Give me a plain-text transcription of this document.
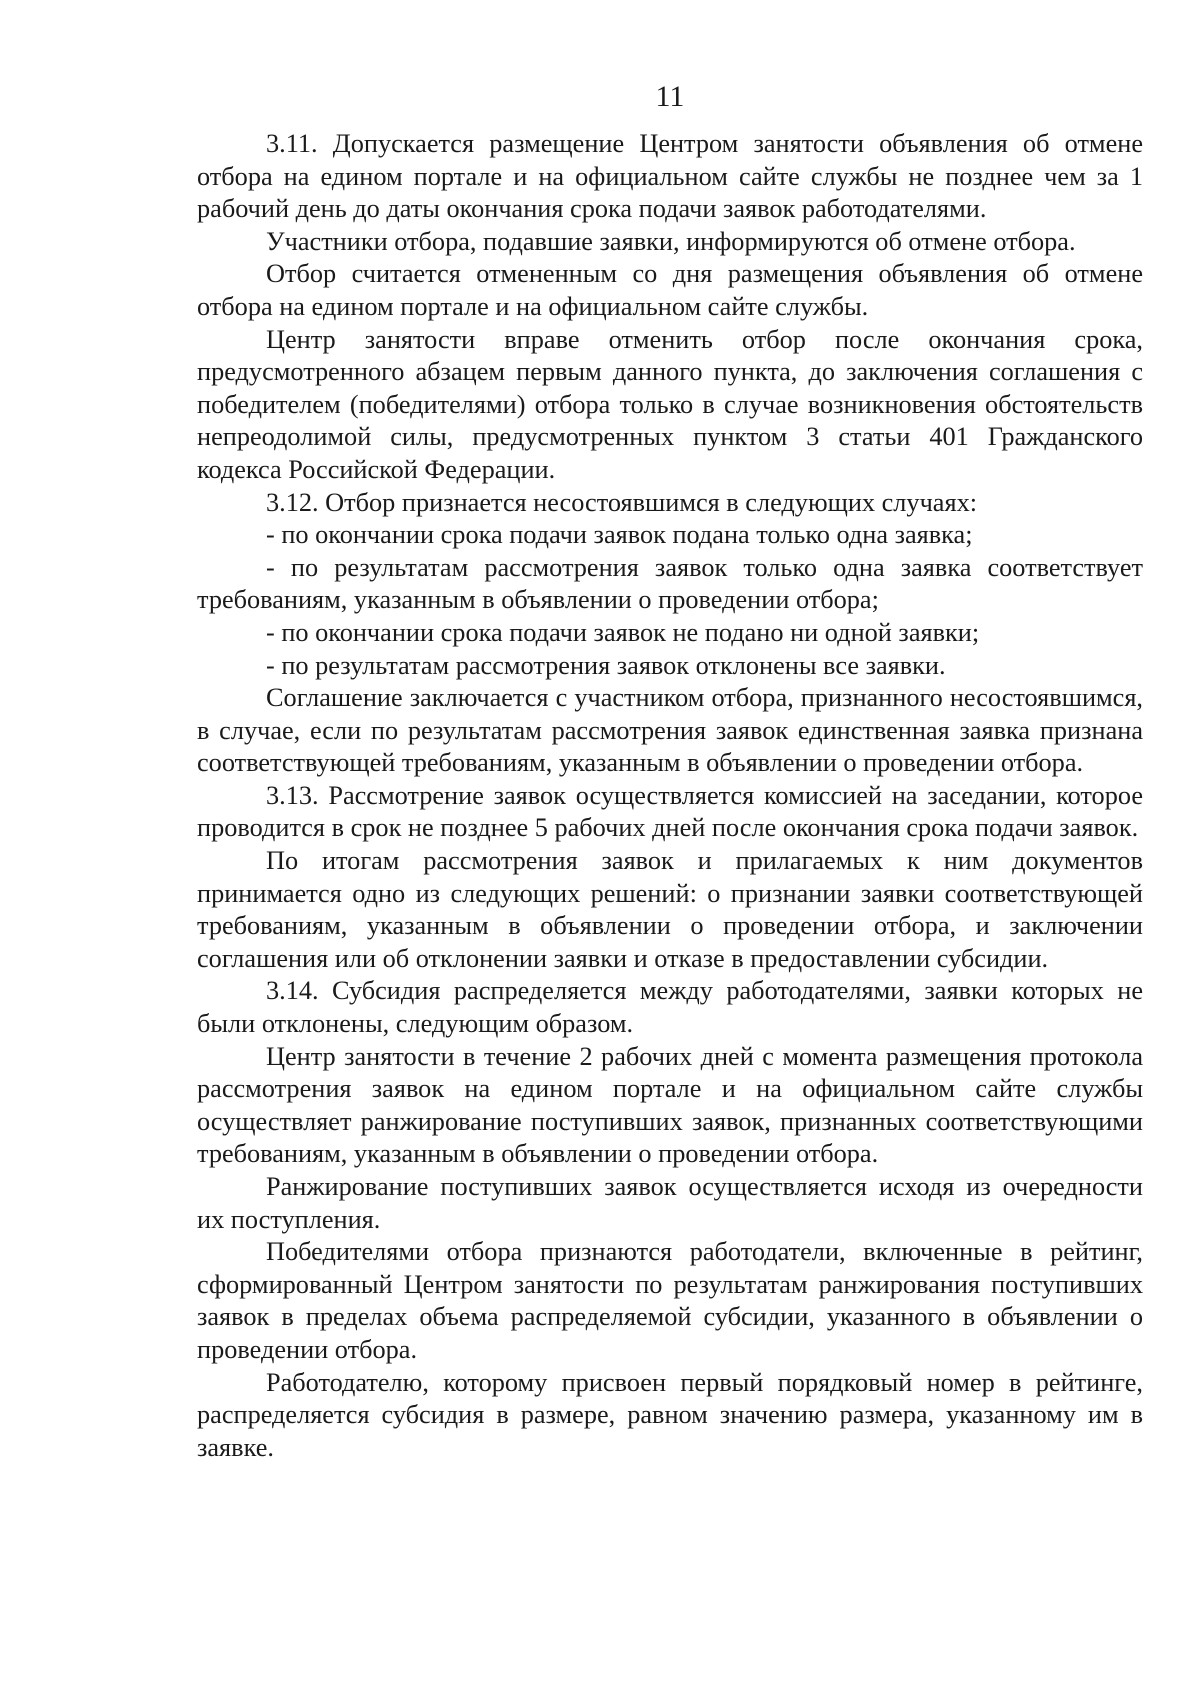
11

3.11. Допускается размещение Центром занятости объявления об отмене отбора на едином портале и на официальном сайте службы не позднее чем за 1 рабочий день до даты окончания срока подачи заявок работодателями.

Участники отбора, подавшие заявки, информируются об отмене отбора.

Отбор считается отмененным со дня размещения объявления об отмене отбора на едином портале и на официальном сайте службы.

Центр занятости вправе отменить отбор после окончания срока, предусмотренного абзацем первым данного пункта, до заключения соглашения с победителем (победителями) отбора только в случае возникновения обстоятельств непреодолимой силы, предусмотренных пунктом 3 статьи 401 Гражданского кодекса Российской Федерации.

3.12. Отбор признается несостоявшимся в следующих случаях:

- по окончании срока подачи заявок подана только одна заявка;

- по результатам рассмотрения заявок только одна заявка соответствует требованиям, указанным в объявлении о проведении отбора;

- по окончании срока подачи заявок не подано ни одной заявки;

- по результатам рассмотрения заявок отклонены все заявки.

Соглашение заключается с участником отбора, признанного несостоявшимся, в случае, если по результатам рассмотрения заявок единственная заявка признана соответствующей требованиям, указанным в объявлении о проведении отбора.

3.13. Рассмотрение заявок осуществляется комиссией на заседании, которое проводится в срок не позднее 5 рабочих дней после окончания срока подачи заявок.

По итогам рассмотрения заявок и прилагаемых к ним документов принимается одно из следующих решений: о признании заявки соответствующей требованиям, указанным в объявлении о проведении отбора, и заключении соглашения или об отклонении заявки и отказе в предоставлении субсидии.

3.14. Субсидия распределяется между работодателями, заявки которых не были отклонены, следующим образом.

Центр занятости в течение 2 рабочих дней с момента размещения протокола рассмотрения заявок на едином портале и на официальном сайте службы осуществляет ранжирование поступивших заявок, признанных соответствующими требованиям, указанным в объявлении о проведении отбора.

Ранжирование поступивших заявок осуществляется исходя из очередности их поступления.

Победителями отбора признаются работодатели, включенные в рейтинг, сформированный Центром занятости по результатам ранжирования поступивших заявок в пределах объема распределяемой субсидии, указанного в объявлении о проведении отбора.

Работодателю, которому присвоен первый порядковый номер в рейтинге, распределяется субсидия в размере, равном значению размера, указанному им в заявке.
